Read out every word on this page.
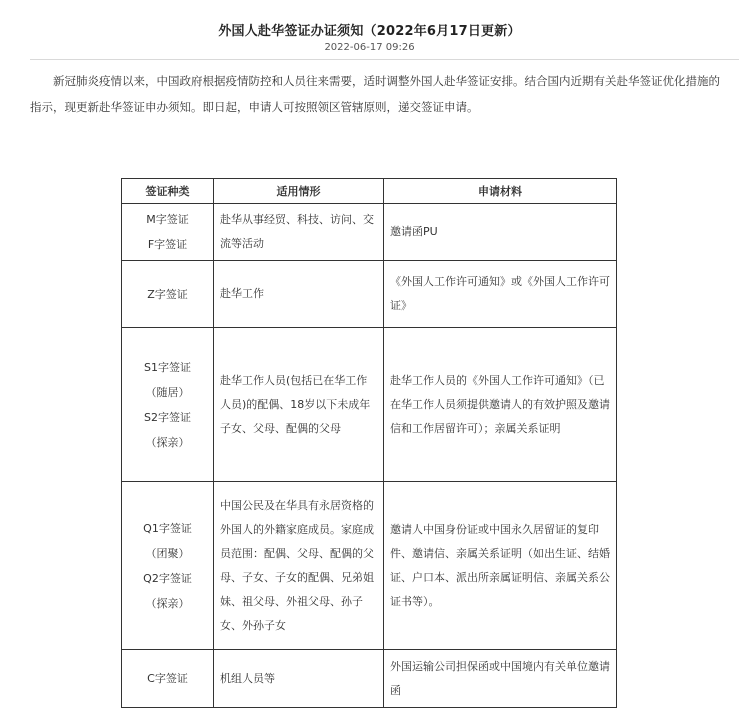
外国人赴华签证办证须知（2022年6月17日更新）
2022-06-17 09:26
新冠肺炎疫情以来，中国政府根据疫情防控和人员往来需要，适时调整外国人赴华签证安排。结合国内近期有关赴华签证优化措施的指示，现更新赴华签证申办须知。即日起，申请人可按照领区管辖原则，递交签证申请。
签证种类	适用情形	申请材料

M字签证
F字签证	赴华从事经贸、科技、访问、交流等活动	邀请函PU

Z字签证	赴华工作	《外国人工作许可通知》或《外国人工作许可证》

S1字签证
（随居）
S2字签证
（探亲）	赴华工作人员(包括已在华工作人员)的配偶、18岁以下未成年子女、父母、配偶的父母	赴华工作人员的《外国人工作许可通知》（已在华工作人员须提供邀请人的有效护照及邀请信和工作居留许可）；亲属关系证明

Q1字签证
（团聚）
Q2字签证
（探亲）	中国公民及在华具有永居资格的外国人的外籍家庭成员。家庭成员范围：配偶、父母、配偶的父母、子女、子女的配偶、兄弟姐妹、祖父母、外祖父母、孙子女、外孙子女	邀请人中国身份证或中国永久居留证的复印件、邀请信、亲属关系证明（如出生证、结婚证、户口本、派出所亲属证明信、亲属关系公证书等）。

C字签证	机组人员等	外国运输公司担保函或中国境内有关单位邀请函
